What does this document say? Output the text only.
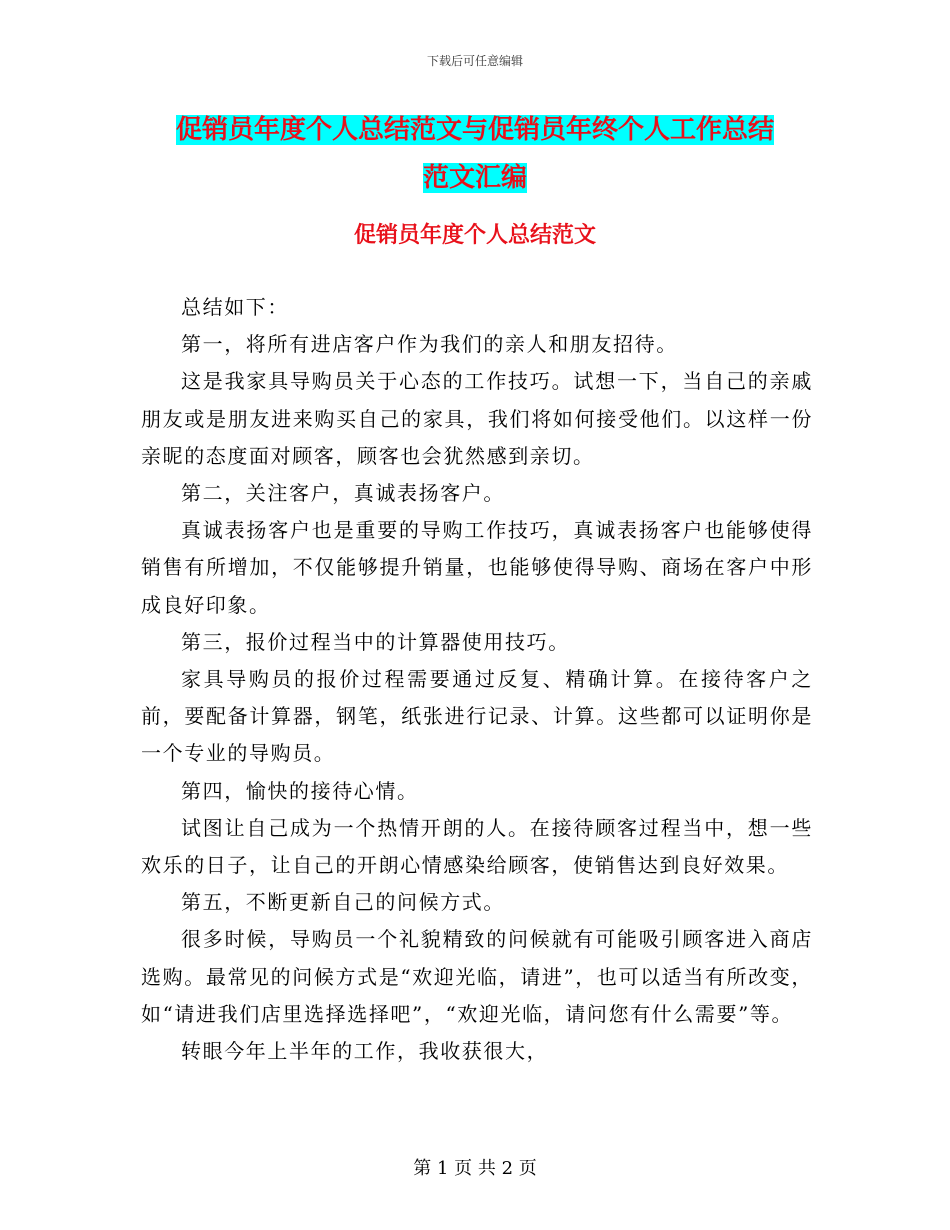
下载后可任意编辑
促销员年度个人总结范文与促销员年终个人工作总结
范文汇编
促销员年度个人总结范文

总结如下：

第一，将所有进店客户作为我们的亲人和朋友招待。

这是我家具导购员关于心态的工作技巧。试想一下，当自己的亲戚朋友或是朋友进来购买自己的家具，我们将如何接受他们。以这样一份亲昵的态度面对顾客，顾客也会犹然感到亲切。

第二，关注客户，真诚表扬客户。

真诚表扬客户也是重要的导购工作技巧，真诚表扬客户也能够使得销售有所增加，不仅能够提升销量，也能够使得导购、商场在客户中形成良好印象。

第三，报价过程当中的计算器使用技巧。

家具导购员的报价过程需要通过反复、精确计算。在接待客户之前，要配备计算器，钢笔，纸张进行记录、计算。这些都可以证明你是一个专业的导购员。

第四，愉快的接待心情。

试图让自己成为一个热情开朗的人。在接待顾客过程当中，想一些欢乐的日子，让自己的开朗心情感染给顾客，使销售达到良好效果。

第五，不断更新自己的问候方式。

很多时候，导购员一个礼貌精致的问候就有可能吸引顾客进入商店选购。最常见的问候方式是“欢迎光临，请进”，也可以适当有所改变，如“请进我们店里选择选择吧”，“欢迎光临，请问您有什么需要”等。

转眼今年上半年的工作，我收获很大，

第 1 页 共 2 页
